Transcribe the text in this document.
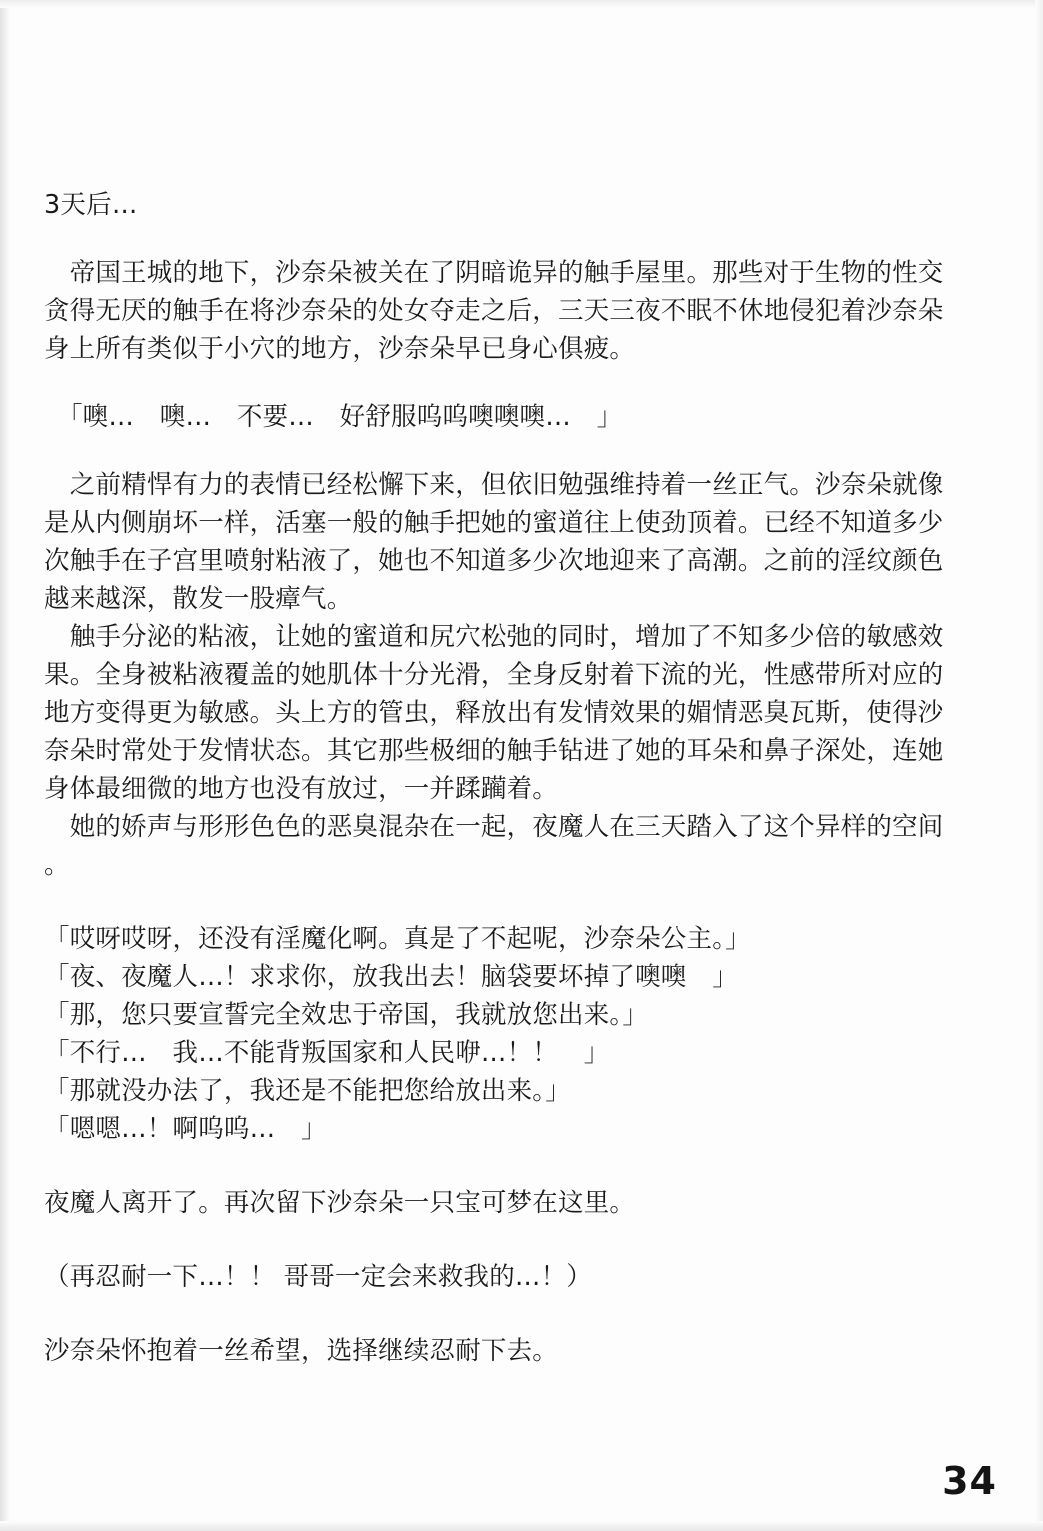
3天后…
　帝国王城的地下，沙奈朵被关在了阴暗诡异的触手屋里。那些对于生物的性交
贪得无厌的触手在将沙奈朵的处女夺走之后，三天三夜不眠不休地侵犯着沙奈朵
身上所有类似于小穴的地方，沙奈朵早已身心俱疲。
　「噢…　噢…　不要…　好舒服呜呜噢噢噢…　」
　之前精悍有力的表情已经松懈下来，但依旧勉强维持着一丝正气。沙奈朵就像
是从内侧崩坏一样，活塞一般的触手把她的蜜道往上使劲顶着。已经不知道多少
次触手在子宫里喷射粘液了，她也不知道多少次地迎来了高潮。之前的淫纹颜色
越来越深，散发一股瘴气。
　触手分泌的粘液，让她的蜜道和尻穴松弛的同时，增加了不知多少倍的敏感效
果。全身被粘液覆盖的她肌体十分光滑，全身反射着下流的光，性感带所对应的
地方变得更为敏感。头上方的管虫，释放出有发情效果的媚情恶臭瓦斯，使得沙
奈朵时常处于发情状态。其它那些极细的触手钻进了她的耳朵和鼻子深处，连她
身体最细微的地方也没有放过，一并蹂躏着。
　她的娇声与形形色色的恶臭混杂在一起，夜魔人在三天踏入了这个异样的空间
。
「哎呀哎呀，还没有淫魔化啊。真是了不起呢，沙奈朵公主。」
「夜、夜魔人…！求求你，放我出去！脑袋要坏掉了噢噢　」
「那，您只要宣誓完全效忠于帝国，我就放您出来。」
「不行…　我…不能背叛国家和人民咿…！！　」
「那就没办法了，我还是不能把您给放出来。」
「嗯嗯…！啊呜呜…　」
夜魔人离开了。再次留下沙奈朵一只宝可梦在这里。
（再忍耐一下…！！ 哥哥一定会来救我的…！）
沙奈朵怀抱着一丝希望，选择继续忍耐下去。
34
